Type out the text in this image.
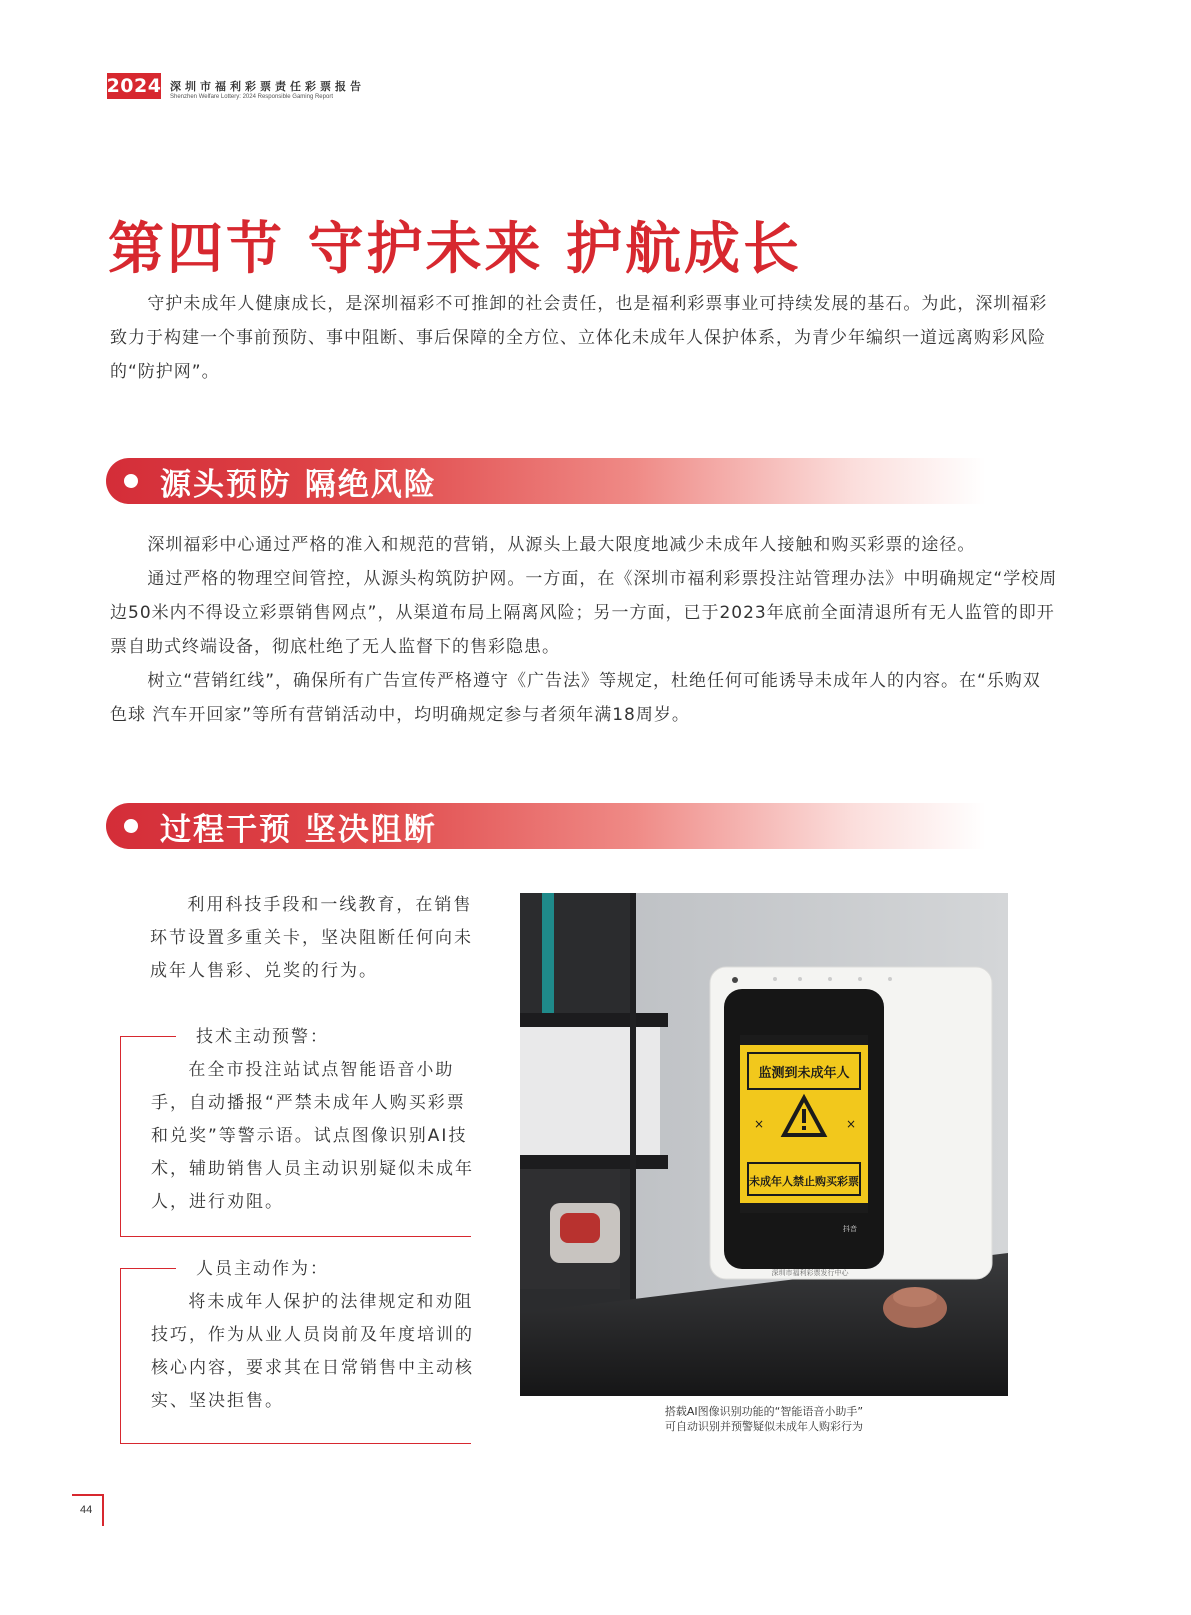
2024 深圳市福利彩票责任彩票报告
Shenzhen Welfare Lottery: 2024 Responsible Gaming Report
第四节 守护未来 护航成长

守护未成年人健康成长，是深圳福彩不可推卸的社会责任，也是福利彩票事业可持续发展的基石。为此，深圳福彩致力于构建一个事前预防、事中阻断、事后保障的全方位、立体化未成年人保护体系，为青少年编织一道远离购彩风险的“防护网”。

源头预防 隔绝风险

深圳福彩中心通过严格的准入和规范的营销，从源头上最大限度地减少未成年人接触和购买彩票的途径。

通过严格的物理空间管控，从源头构筑防护网。一方面，在《深圳市福利彩票投注站管理办法》中明确规定“学校周边50米内不得设立彩票销售网点”，从渠道布局上隔离风险；另一方面，已于2023年底前全面清退所有无人监管的即开票自助式终端设备，彻底杜绝了无人监督下的售彩隐患。

树立“营销红线”，确保所有广告宣传严格遵守《广告法》等规定，杜绝任何可能诱导未成年人的内容。在“乐购双色球 汽车开回家”等所有营销活动中，均明确规定参与者须年满18周岁。

过程干预 坚决阻断

利用科技手段和一线教育，在销售环节设置多重关卡，坚决阻断任何向未成年人售彩、兑奖的行为。

技术主动预警：

在全市投注站试点智能语音小助手，自动播报“严禁未成年人购买彩票和兑奖”等警示语。试点图像识别AI技术，辅助销售人员主动识别疑似未成年人，进行劝阻。

人员主动作为：

将未成年人保护的法律规定和劝阻技巧，作为从业人员岗前及年度培训的核心内容，要求其在日常销售中主动核实、坚决拒售。

×	×
监测到未成年人
未成年人禁止购买彩票
抖音
深圳市福利彩票发行中心
搭载AI图像识别功能的“智能语音小助手”
可自动识别并预警疑似未成年人购彩行为
44
